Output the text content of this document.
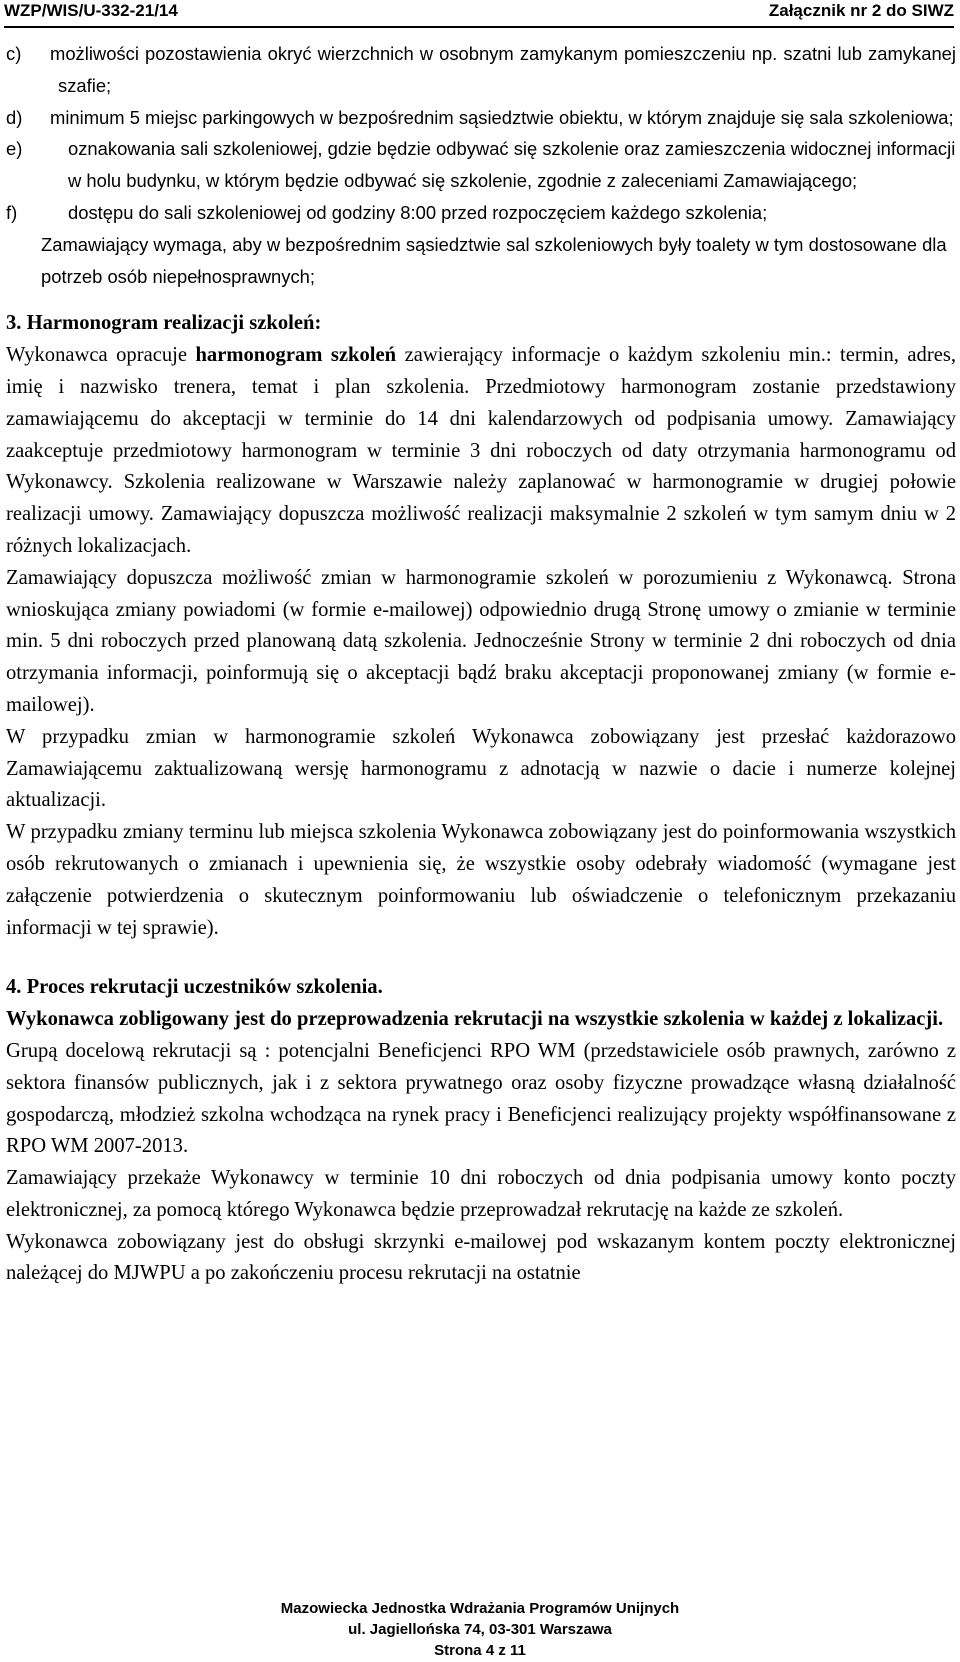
WZP/WIS/U-332-21/14	Załącznik nr 2 do SIWZ

c) możliwości pozostawienia okryć wierzchnich w osobnym zamykanym pomieszczeniu np. szatni lub zamykanej szafie;

d) minimum 5 miejsc parkingowych w bezpośrednim sąsiedztwie obiektu, w którym znajduje się sala szkoleniowa;

e) oznakowania sali szkoleniowej, gdzie będzie odbywać się szkolenie oraz zamieszczenia widocznej informacji w holu budynku, w którym będzie odbywać się szkolenie, zgodnie z zaleceniami Zamawiającego;

f)	dostępu do sali szkoleniowej od godziny 8:00 przed rozpoczęciem każdego szkolenia;

Zamawiający wymaga, aby w bezpośrednim sąsiedztwie sal szkoleniowych były toalety w tym dostosowane dla potrzeb osób niepełnosprawnych;

3. Harmonogram realizacji szkoleń:

Wykonawca opracuje harmonogram szkoleń zawierający informacje o każdym szkoleniu min.: termin, adres, imię i nazwisko trenera, temat i plan szkolenia. Przedmiotowy harmonogram zostanie przedstawiony zamawiającemu do akceptacji w terminie do 14 dni kalendarzowych od podpisania umowy. Zamawiający zaakceptuje przedmiotowy harmonogram w terminie 3 dni roboczych od daty otrzymania harmonogramu od Wykonawcy. Szkolenia realizowane w Warszawie należy zaplanować w harmonogramie w drugiej połowie realizacji umowy. Zamawiający dopuszcza możliwość realizacji maksymalnie 2 szkoleń w tym samym dniu w 2 różnych lokalizacjach.

Zamawiający dopuszcza możliwość zmian w harmonogramie szkoleń w porozumieniu z Wykonawcą. Strona wnioskująca zmiany powiadomi (w formie e-mailowej) odpowiednio drugą Stronę umowy o zmianie w terminie min. 5 dni roboczych przed planowaną datą szkolenia. Jednocześnie Strony w terminie 2 dni roboczych od dnia otrzymania informacji, poinformują się o akceptacji bądź braku akceptacji proponowanej zmiany (w formie e-mailowej).

W przypadku zmian w harmonogramie szkoleń Wykonawca zobowiązany jest przesłać każdorazowo Zamawiającemu zaktualizowaną wersję harmonogramu z adnotacją w nazwie o dacie i numerze kolejnej aktualizacji.

W przypadku zmiany terminu lub miejsca szkolenia Wykonawca zobowiązany jest do poinformowania wszystkich osób rekrutowanych o zmianach i upewnienia się, że wszystkie osoby odebrały wiadomość (wymagane jest załączenie potwierdzenia o skutecznym poinformowaniu lub oświadczenie o telefonicznym przekazaniu informacji w tej sprawie).

4. Proces rekrutacji uczestników szkolenia.

Wykonawca zobligowany jest do przeprowadzenia rekrutacji na wszystkie szkolenia w każdej z lokalizacji.

Grupą docelową rekrutacji są : potencjalni Beneficjenci RPO WM (przedstawiciele osób prawnych, zarówno z sektora finansów publicznych, jak i z sektora prywatnego oraz osoby fizyczne prowadzące własną działalność gospodarczą, młodzież szkolna wchodząca na rynek pracy i Beneficjenci realizujący projekty współfinansowane z RPO WM 2007-2013.

Zamawiający przekaże Wykonawcy w terminie 10 dni roboczych od dnia podpisania umowy konto poczty elektronicznej, za pomocą którego Wykonawca będzie przeprowadzał rekrutację na każde ze szkoleń.

Wykonawca zobowiązany jest do obsługi skrzynki e-mailowej pod wskazanym kontem poczty elektronicznej należącej do MJWPU a po zakończeniu procesu rekrutacji na ostatnie

Mazowiecka Jednostka Wdrażania Programów Unijnych
ul. Jagiellońska 74, 03-301 Warszawa
Strona 4 z 11
